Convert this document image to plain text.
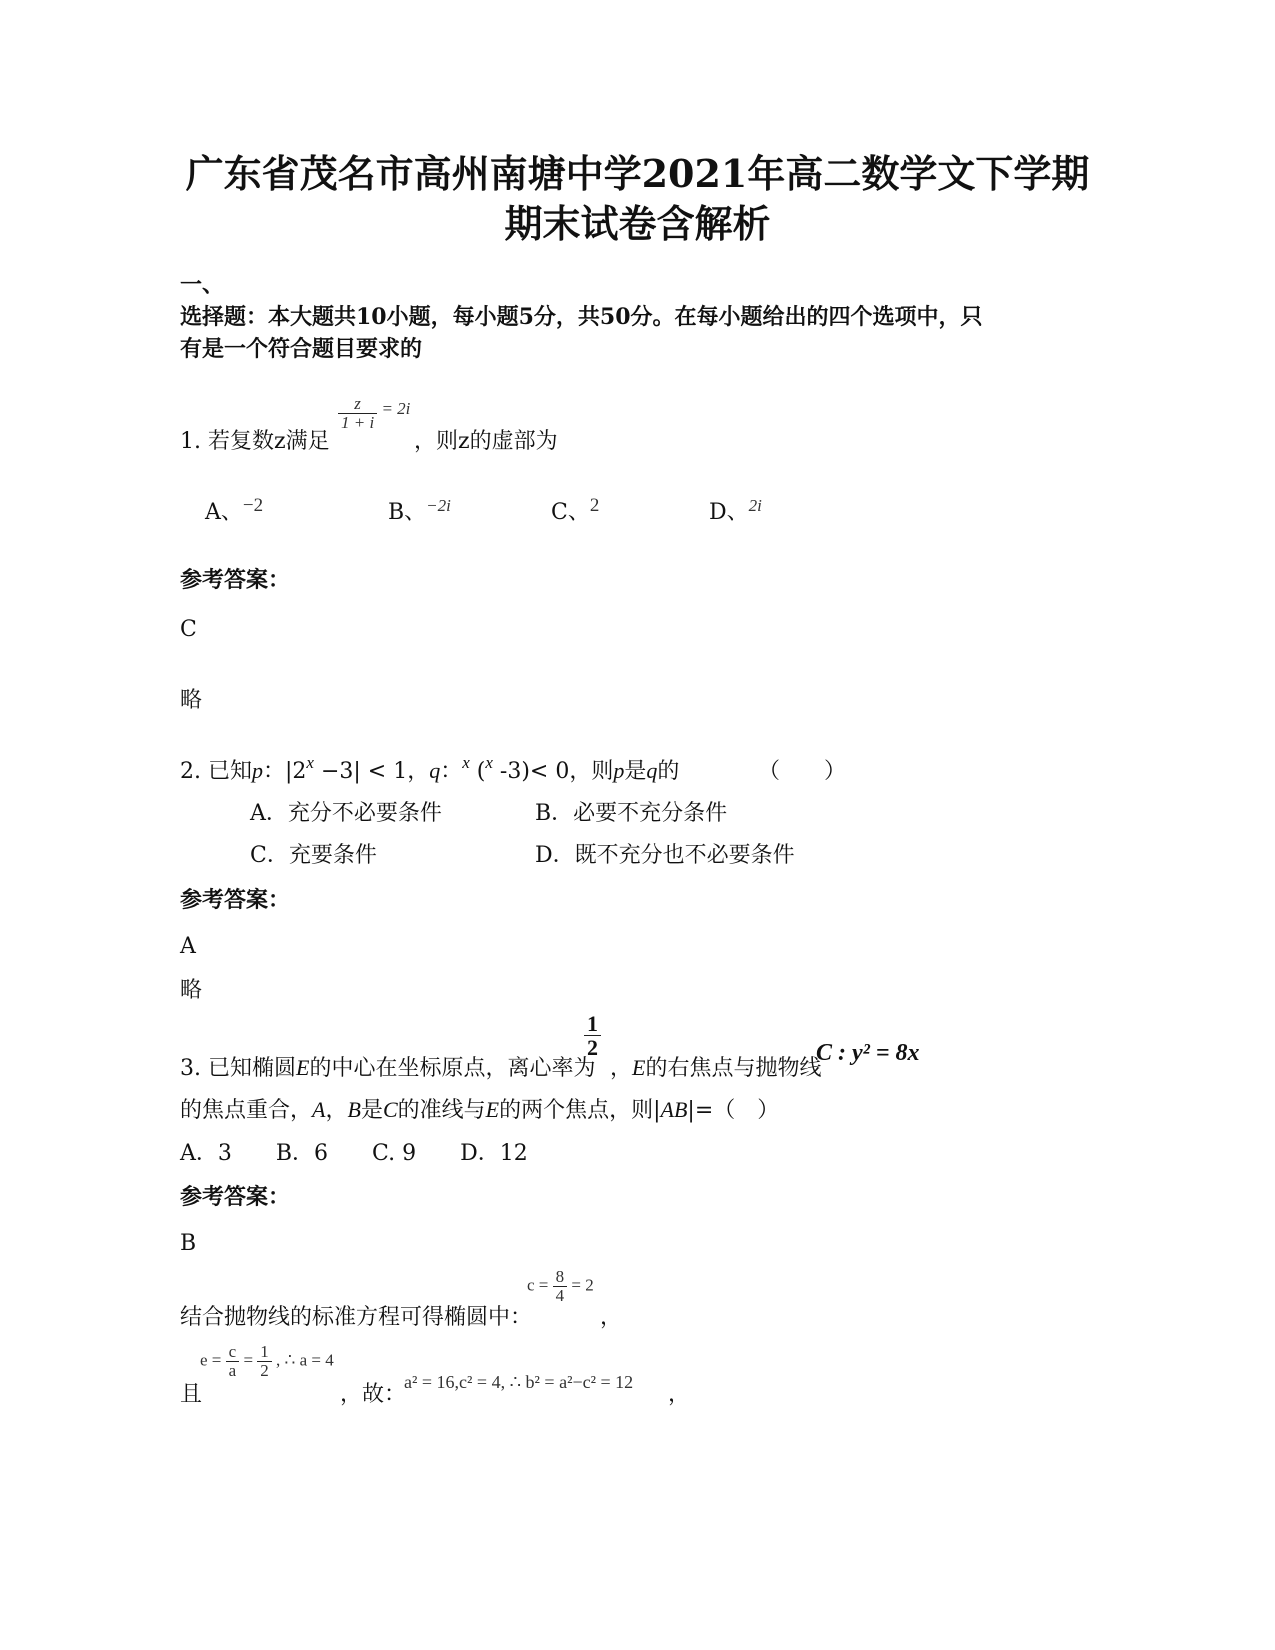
广东省茂名市高州南塘中学2021年高二数学文下学期
期末试卷含解析
一、
选择题：本大题共10小题，每小题5分，共50分。在每小题给出的四个选项中，只
有是一个符合题目要求的
1. 若复数z满足
$\frac{z}{1 + i} = 2i$
，则z的虚部为
A、−2	B、$^{-2i}$	C、2	D、$^{2i}$
参考答案：
C
略
2. 已知p：$|2^x -3| < 1$，q：$^x$ ($^x$ -3)< 0，则p是q的	（　　）
A．充分不必要条件	B．必要不充分条件
C．充要条件	D．既不充分也不必要条件
参考答案：
A
略
3. 已知椭圆E的中心在坐标原点，离心率为
$\frac{1}{2}$
，E的右焦点与抛物线
C : y² = 8x
的焦点重合，A，B是C的准线与E的两个焦点，则|AB|=（　）
A．3　　B．6　　C. 9　　D．12
参考答案：
B
结合抛物线的标准方程可得椭圆中：
$c = \frac{8}{4} = 2$
，
且
$e = \frac{c}{a} = \frac{1}{2}$ , ∴ a = 4
，故：
a² = 16,c² = 4, ∴ b² = a²−c² = 12 ，
